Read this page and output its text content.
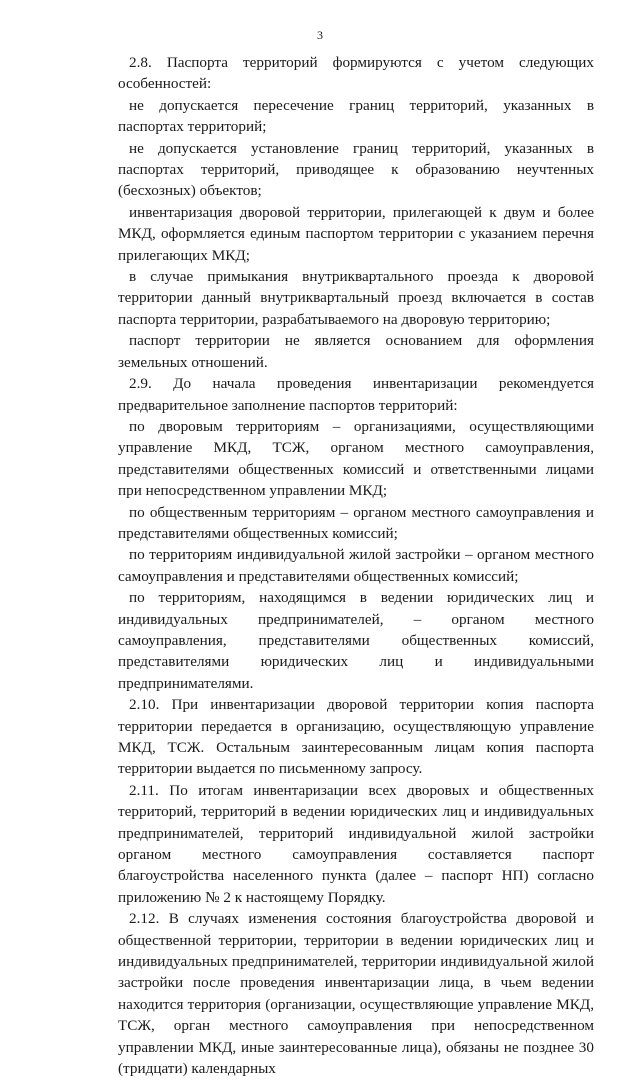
3

2.8. Паспорта территорий формируются с учетом следующих особенностей:

не допускается пересечение границ территорий, указанных в паспортах территорий;

не допускается установление границ территорий, указанных в паспортах территорий, приводящее к образованию неучтенных (бесхозных) объектов;

инвентаризация дворовой территории, прилегающей к двум и более МКД, оформляется единым паспортом территории с указанием перечня прилегающих МКД;

в случае примыкания внутриквартального проезда к дворовой территории данный внутриквартальный проезд включается в состав паспорта территории, разрабатываемого на дворовую территорию;

паспорт территории не является основанием для оформления земельных отношений.

2.9. До начала проведения инвентаризации рекомендуется предварительное заполнение паспортов территорий:

по дворовым территориям – организациями, осуществляющими управление МКД, ТСЖ, органом местного самоуправления, представителями общественных комиссий и ответственными лицами при непосредственном управлении МКД;

по общественным территориям – органом местного самоуправления и представителями общественных комиссий;

по территориям индивидуальной жилой застройки – органом местного самоуправления и представителями общественных комиссий;

по территориям, находящимся в ведении юридических лиц и индивидуальных предпринимателей, – органом местного самоуправления, представителями общественных комиссий, представителями юридических лиц и индивидуальными предпринимателями.

2.10. При инвентаризации дворовой территории копия паспорта территории передается в организацию, осуществляющую управление МКД, ТСЖ. Остальным заинтересованным лицам копия паспорта территории выдается по письменному запросу.

2.11. По итогам инвентаризации всех дворовых и общественных территорий, территорий в ведении юридических лиц и индивидуальных предпринимателей, территорий индивидуальной жилой застройки органом местного самоуправления составляется паспорт благоустройства населенного пункта (далее – паспорт НП) согласно приложению № 2 к настоящему Порядку.

2.12. В случаях изменения состояния благоустройства дворовой и общественной территории, территории в ведении юридических лиц и индивидуальных предпринимателей, территории индивидуальной жилой застройки после проведения инвентаризации лица, в чьем ведении находится территория (организации, осуществляющие управление МКД, ТСЖ, орган местного самоуправления при непосредственном управлении МКД, иные заинтересованные лица), обязаны не позднее 30 (тридцати) календарных
